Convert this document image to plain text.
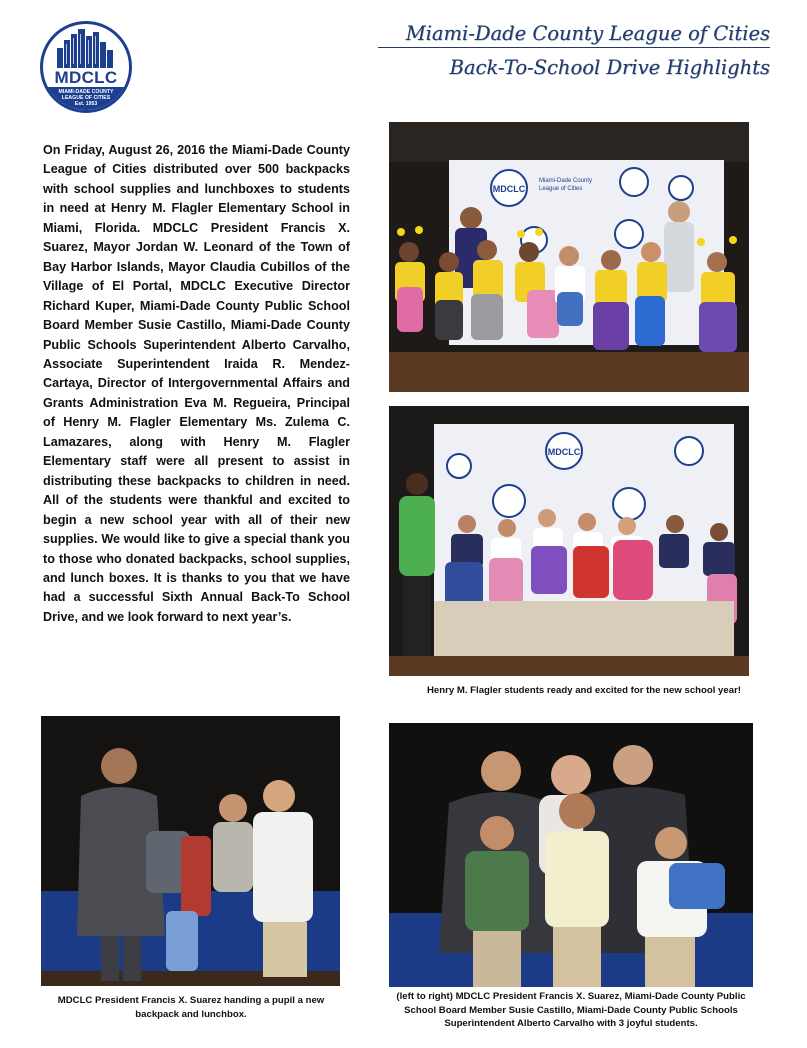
MDCLC
MIAMI-DADE COUNTY
LEAGUE OF CITIES
Est. 1953
Miami-Dade County League of Cities
Back-To-School Drive Highlights

On Friday, August 26, 2016 the Miami-Dade County League of Cities distributed over 500 backpacks with school supplies and lunchboxes to students in need at Henry M. Flagler Elementary School in Miami, Florida. MDCLC President Francis X. Suarez, Mayor Jordan W. Leonard of the Town of Bay Harbor Islands, Mayor Claudia Cubillos of the Village of El Portal, MDCLC Executive Director Richard Kuper, Miami-Dade County Public School Board Member Susie Castillo, Miami-Dade County Public Schools Superintendent Alberto Carvalho, Associate Superintendent Iraida R. Mendez-Cartaya, Director of Intergovernmental Affairs and Grants Administration Eva M. Regueira, Principal of Henry M. Flagler Elementary Ms. Zulema C. Lamazares, along with Henry M. Flagler Elementary staff were all present to assist in distributing these backpacks to children in need. All of the students were thankful and excited to begin a new school year with all of their new supplies. We would like to give a special thank you to those who donated backpacks, school supplies, and lunch boxes. It is thanks to you that we have had a successful Sixth Annual Back-To School Drive, and we look forward to next year’s.

MDCLC
Miami-Dade County
League of Cities
MDCLC
Henry M. Flagler students ready and excited for the new school year!
MDCLC President Francis X. Suarez handing a pupil a new backpack and lunchbox.
(left to right) MDCLC President Francis X. Suarez, Miami-Dade County Public School Board Member Susie Castillo, Miami-Dade County Public Schools Superintendent Alberto Carvalho with 3 joyful students.
